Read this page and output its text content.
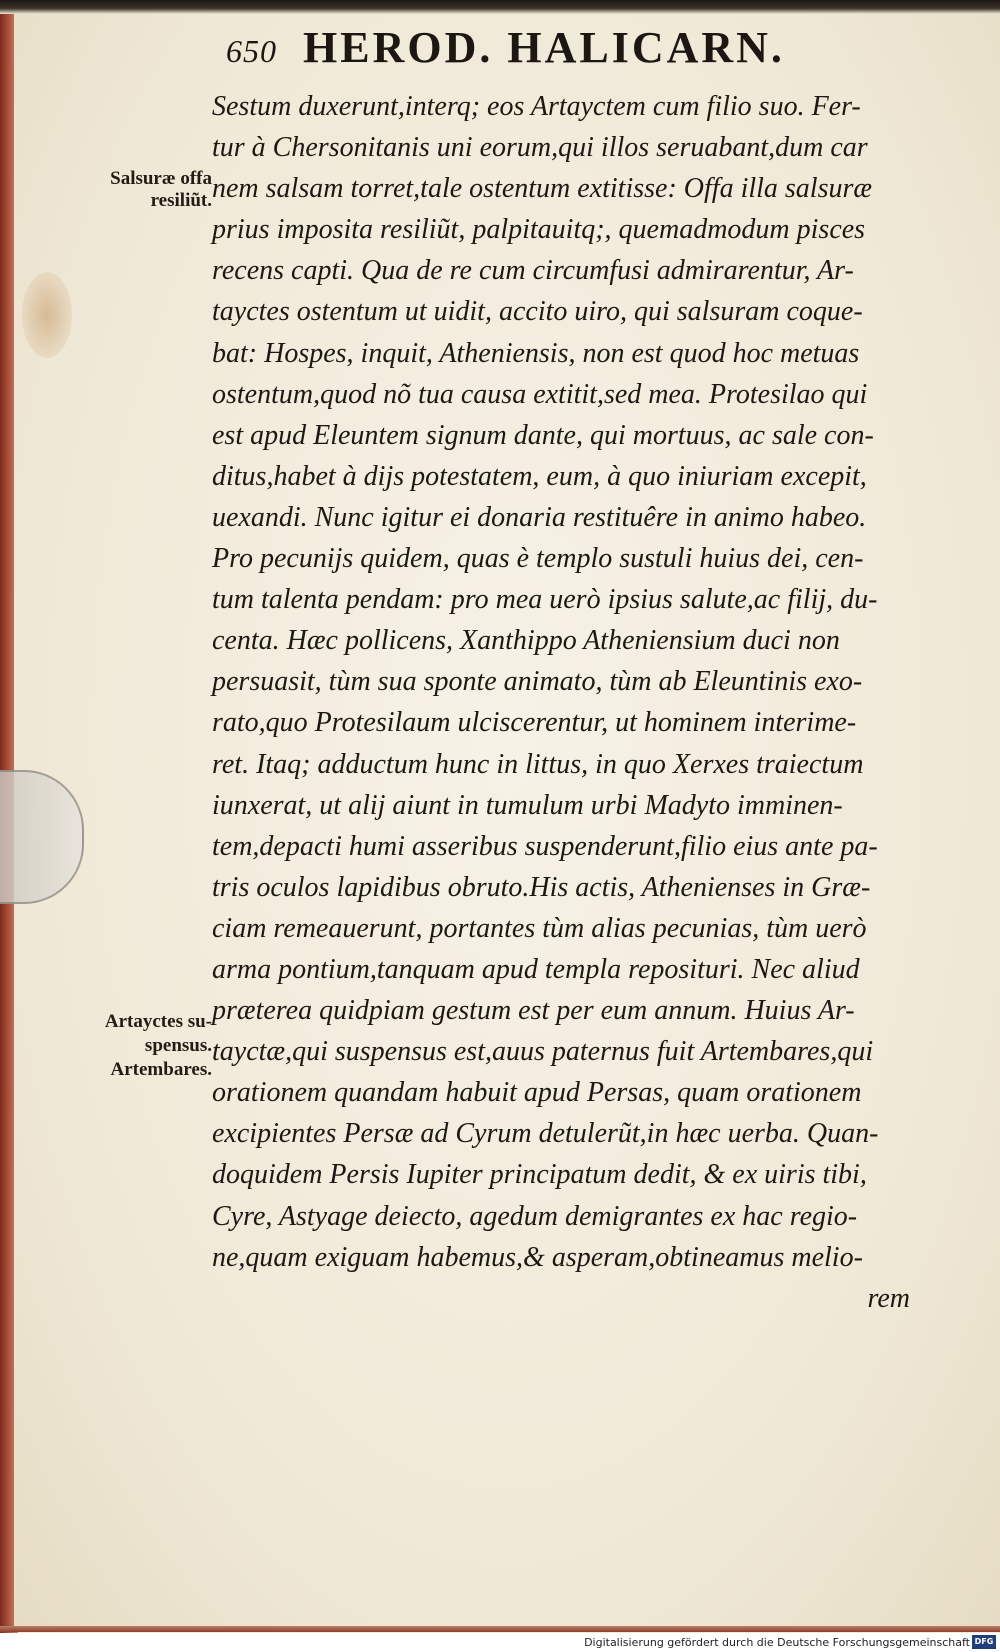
650 HEROD. HALICARN.
Salsuræ offa
resiliũt.
Artayctes su-
spensus.
Artembares.
Sestum duxerunt,interq; eos Artayctem cum filio suo. Fer-
tur à Chersonitanis uni eorum,qui illos seruabant,dum car
nem salsam torret,tale ostentum extitisse: Offa illa salsuræ
prius imposita resiliũt, palpitauitq;, quemadmodum pisces
recens capti. Qua de re cum circumfusi admirarentur, Ar-
tayctes ostentum ut uidit, accito uiro, qui salsuram coque-
bat: Hospes, inquit, Atheniensis, non est quod hoc metuas
ostentum,quod nõ tua causa extitit,sed mea. Protesilao qui
est apud Eleuntem signum dante, qui mortuus, ac sale con-
ditus,habet à dijs potestatem, eum, à quo iniuriam excepit,
uexandi. Nunc igitur ei donaria restituêre in animo habeo.
Pro pecunijs quidem, quas è templo sustuli huius dei, cen-
tum talenta pendam: pro mea uerò ipsius salute,ac filij, du-
centa. Hæc pollicens, Xanthippo Atheniensium duci non
persuasit, tùm sua sponte animato, tùm ab Eleuntinis exo-
rato,quo Protesilaum ulciscerentur, ut hominem interime-
ret. Itaq; adductum hunc in littus, in quo Xerxes traiectum
iunxerat, ut alij aiunt in tumulum urbi Madyto imminen-
tem,depacti humi asseribus suspenderunt,filio eius ante pa-
tris oculos lapidibus obruto.His actis, Athenienses in Græ-
ciam remeauerunt, portantes tùm alias pecunias, tùm uerò
arma pontium,tanquam apud templa reposituri. Nec aliud
præterea quidpiam gestum est per eum annum. Huius Ar-
tayctæ,qui suspensus est,auus paternus fuit Artembares,qui
orationem quandam habuit apud Persas, quam orationem
excipientes Persæ ad Cyrum detulerũt,in hæc uerba. Quan-
doquidem Persis Iupiter principatum dedit, & ex uiris tibi,
Cyre, Astyage deiecto, agedum demigrantes ex hac regio-
ne,quam exiguam habemus,& asperam,obtineamus melio-
rem
Digitalisierung gefördert durch die Deutsche Forschungsgemeinschaft DFG
